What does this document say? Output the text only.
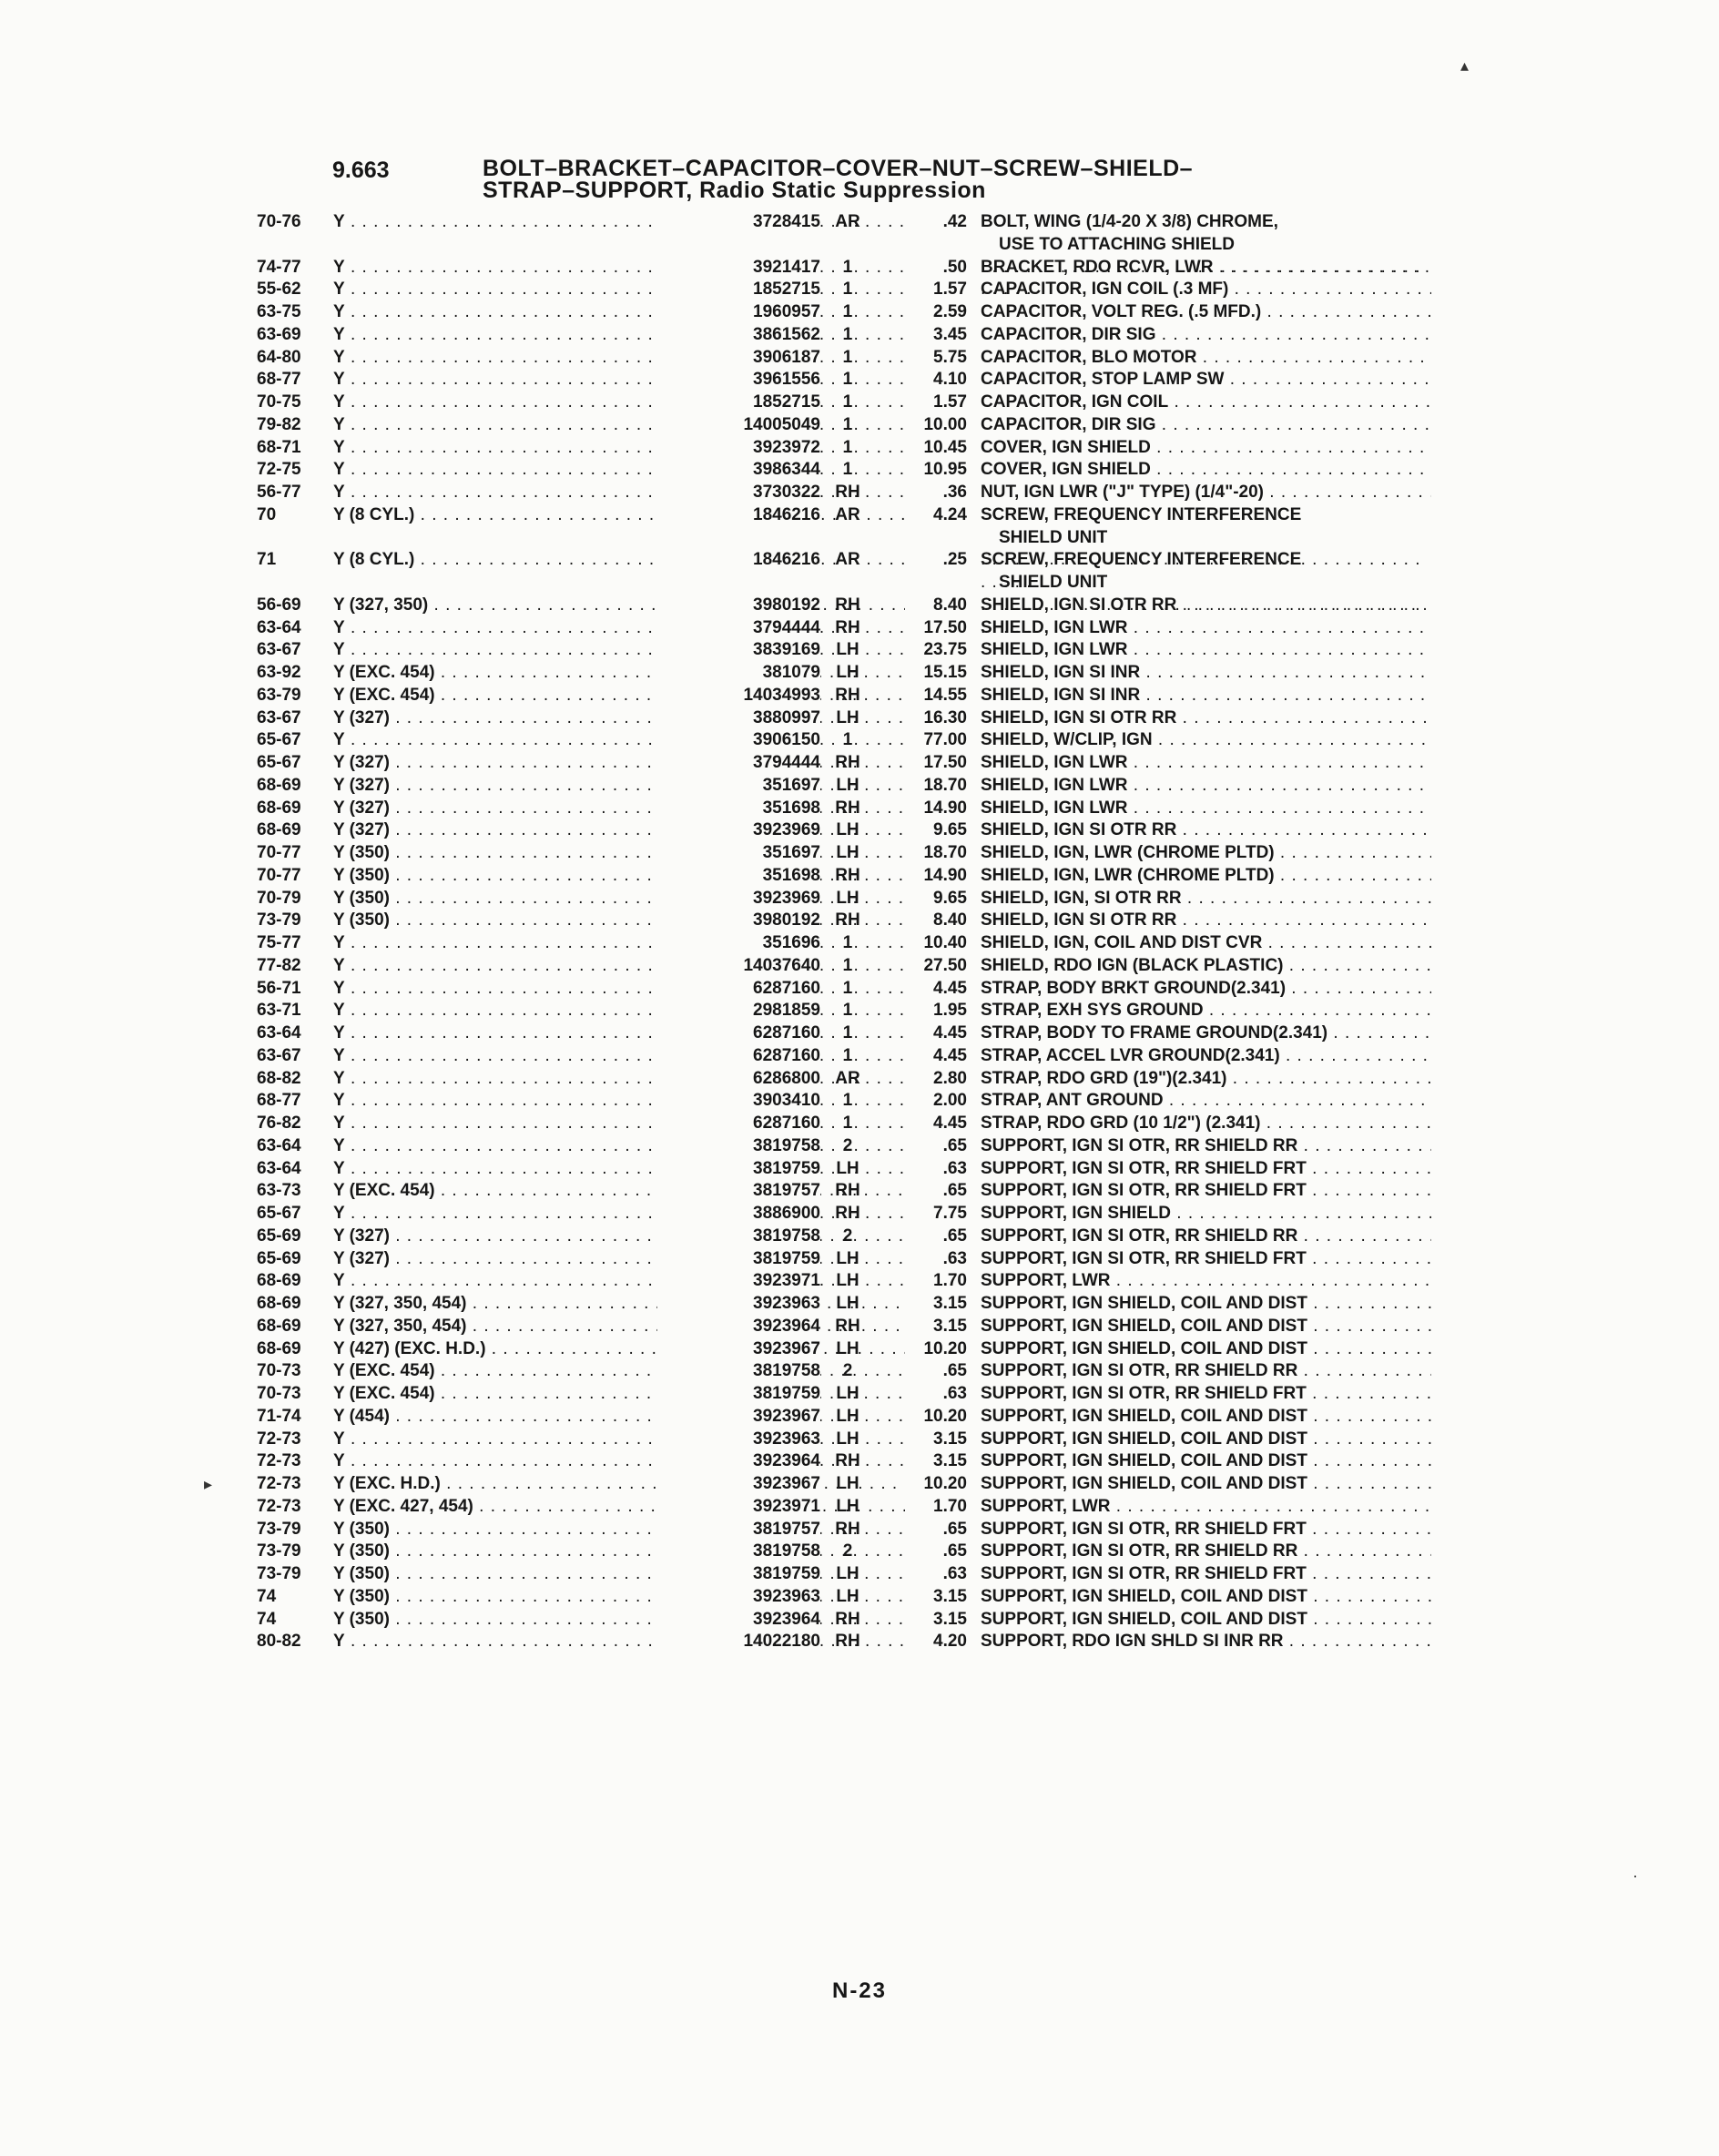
9.663	BOLT–BRACKET–CAPACITOR–COVER–NUT–SCREW–SHIELD–
STRAP–SUPPORT, Radio Static Suppression
70-76	Y . . .	3728415 AR	.42 BOLT, WING (1/4-20 X 3/8) CHROME,
USE TO ATTACHING SHIELD
. . .
74-77	Y . . .	3921417	1	.50 BRACKET, RDO RCVR, LWR . . .
55-62	Y . . .	1852715	1	1.57 CAPACITOR, IGN COIL (.3 MF) . . .
63-75	Y . . .	1960957	1	2.59 CAPACITOR, VOLT REG. (.5 MFD.) . . .
63-69	Y . . .	3861562	1	3.45 CAPACITOR, DIR SIG . . .
64-80	Y . . .	3906187	1	5.75 CAPACITOR, BLO MOTOR . . .
68-77	Y . . .	3961556	1	4.10 CAPACITOR, STOP LAMP SW . . .
70-75	Y . . .	1852715	1	1.57 CAPACITOR, IGN COIL . . .
79-82	Y . . .	14005049	1	10.00 CAPACITOR, DIR SIG . . .
68-71	Y . . .	3923972	1	10.45 COVER, IGN SHIELD . . .
72-75	Y . . .	3986344	1	10.95 COVER, IGN SHIELD . . .
56-77	Y . . .	3730322 RH	.36 NUT, IGN LWR ("J" TYPE) (1/4"-20) . . .
70	Y (8 CYL.) . . .	1846216 AR	4.24 SCREW, FREQUENCY INTERFERENCE
SHIELD UNIT
. . .
71	Y (8 CYL.) . . .	1846216 AR	.25 SCREW, FREQUENCY INTERFERENCE
SHIELD UNIT
. . .
56-69	Y (327, 350) . . .	3980192 RH	8.40 SHIELD, IGN SI OTR RR . . .
63-64	Y . . .	3794444 RH	17.50 SHIELD, IGN LWR . . .
63-67	Y . . .	3839169 LH	23.75 SHIELD, IGN LWR . . .
63-92	Y (EXC. 454) . . .	381079 LH	15.15 SHIELD, IGN SI INR . . .
63-79	Y (EXC. 454) . . .	14034993 RH	14.55 SHIELD, IGN SI INR . . .
63-67	Y (327) . . .	3880997 LH	16.30 SHIELD, IGN SI OTR RR . . .
65-67	Y . . .	3906150	1	77.00 SHIELD, W/CLIP, IGN . . .
65-67	Y (327) . . .	3794444 RH	17.50 SHIELD, IGN LWR . . .
68-69	Y (327) . . .	351697 LH	18.70 SHIELD, IGN LWR . . .
68-69	Y (327) . . .	351698 RH	14.90 SHIELD, IGN LWR . . .
68-69	Y (327) . . .	3923969 LH	9.65 SHIELD, IGN SI OTR RR . . .
70-77	Y (350) . . .	351697 LH	18.70 SHIELD, IGN, LWR (CHROME PLTD) . . .
70-77	Y (350) . . .	351698 RH	14.90 SHIELD, IGN, LWR (CHROME PLTD) . . .
70-79	Y (350) . . .	3923969 LH	9.65 SHIELD, IGN, SI OTR RR . . .
73-79	Y (350) . . .	3980192 RH	8.40 SHIELD, IGN SI OTR RR . . .
75-77	Y . . .	351696	1	10.40 SHIELD, IGN, COIL AND DIST CVR . . .
77-82	Y . . .	14037640	1	27.50 SHIELD, RDO IGN (BLACK PLASTIC) . . .
56-71	Y . . .	6287160	1	4.45 STRAP, BODY BRKT GROUND(2.341) . . .
63-71	Y . . .	2981859	1	1.95 STRAP, EXH SYS GROUND . . .
63-64	Y . . .	6287160	1	4.45 STRAP, BODY TO FRAME GROUND(2.341) . . .
63-67	Y . . .	6287160	1	4.45 STRAP, ACCEL LVR GROUND(2.341) . . .
68-82	Y . . .	6286800 AR	2.80 STRAP, RDO GRD (19")(2.341) . . .
68-77	Y . . .	3903410	1	2.00 STRAP, ANT GROUND . . .
76-82	Y . . .	6287160	1	4.45 STRAP, RDO GRD (10 1/2") (2.341) . . .
63-64	Y . . .	3819758	2	.65 SUPPORT, IGN SI OTR, RR SHIELD RR . . .
63-64	Y . . .	3819759 LH	.63 SUPPORT, IGN SI OTR, RR SHIELD FRT . . .
63-73	Y (EXC. 454) . . .	3819757 RH	.65 SUPPORT, IGN SI OTR, RR SHIELD FRT . . .
65-67	Y . . .	3886900 RH	7.75 SUPPORT, IGN SHIELD . . .
65-69	Y (327) . . .	3819758	2	.65 SUPPORT, IGN SI OTR, RR SHIELD RR . . .
65-69	Y (327) . . .	3819759 LH	.63 SUPPORT, IGN SI OTR, RR SHIELD FRT . . .
68-69	Y . . .	3923971 LH	1.70 SUPPORT, LWR . . .
68-69	Y (327, 350, 454) . . .	3923963 LH	3.15 SUPPORT, IGN SHIELD, COIL AND DIST . . .
68-69	Y (327, 350, 454) . . .	3923964 RH	3.15 SUPPORT, IGN SHIELD, COIL AND DIST . . .
68-69	Y (427) (EXC. H.D.) . . .	3923967 LH	10.20 SUPPORT, IGN SHIELD, COIL AND DIST . . .
70-73	Y (EXC. 454) . . .	3819758	2	.65 SUPPORT, IGN SI OTR, RR SHIELD RR . . .
70-73	Y (EXC. 454) . . .	3819759 LH	.63 SUPPORT, IGN SI OTR, RR SHIELD FRT . . .
71-74	Y (454) . . .	3923967 LH	10.20 SUPPORT, IGN SHIELD, COIL AND DIST . . .
72-73	Y . . .	3923963 LH	3.15 SUPPORT, IGN SHIELD, COIL AND DIST . . .
72-73	Y . . .	3923964 RH	3.15 SUPPORT, IGN SHIELD, COIL AND DIST . . .
72-73	Y (EXC. H.D.) . . .	3923967 LH	10.20 SUPPORT, IGN SHIELD, COIL AND DIST . . .
72-73	Y (EXC. 427, 454) . . .	3923971 LH	1.70 SUPPORT, LWR . . .
73-79	Y (350) . . .	3819757 RH	.65 SUPPORT, IGN SI OTR, RR SHIELD FRT . . .
73-79	Y (350) . . .	3819758	2	.65 SUPPORT, IGN SI OTR, RR SHIELD RR . . .
73-79	Y (350) . . .	3819759 LH	.63 SUPPORT, IGN SI OTR, RR SHIELD FRT . . .
74	Y (350) . . .	3923963 LH	3.15 SUPPORT, IGN SHIELD, COIL AND DIST . . .
74	Y (350) . . .	3923964 RH	3.15 SUPPORT, IGN SHIELD, COIL AND DIST . . .
80-82	Y . . .	14022180 RH	4.20 SUPPORT, RDO IGN SHLD SI INR RR . . .
N-23
▴
▸
·
